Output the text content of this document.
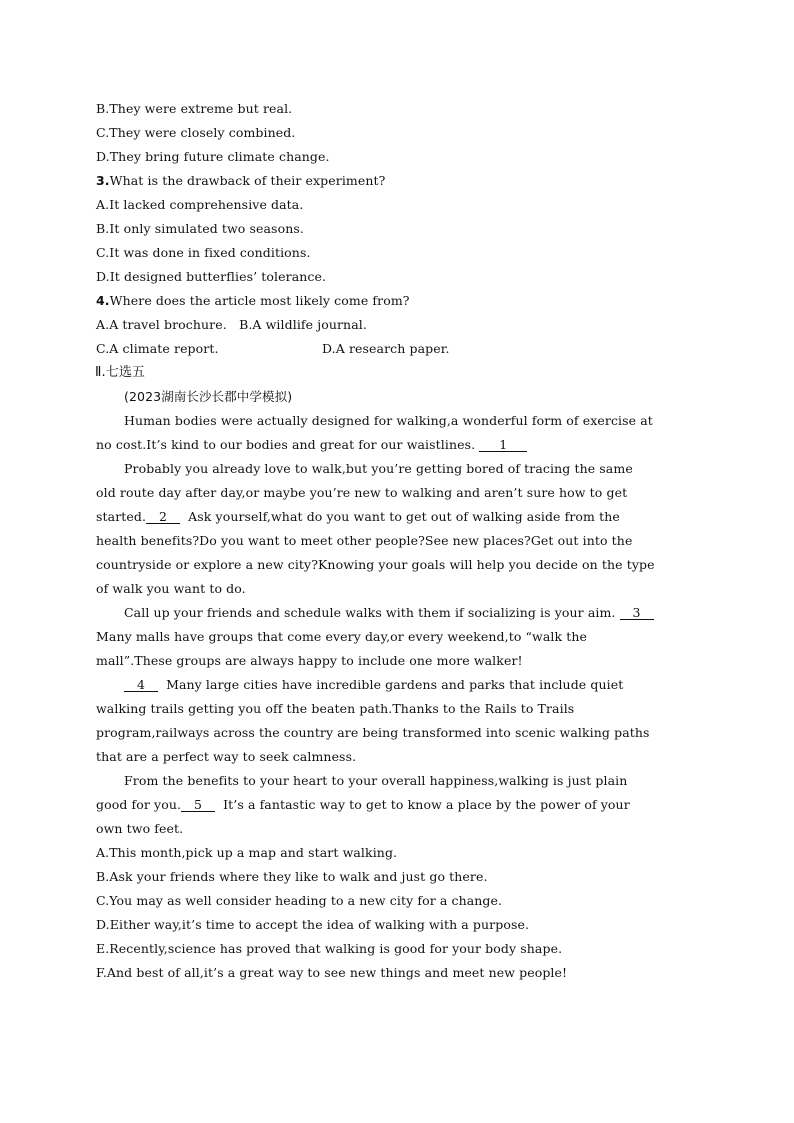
B.They were extreme but real.
C.They were closely combined.
D.They bring future climate change.
3.What is the drawback of their experiment?
A.It lacked comprehensive data.
B.It only simulated two seasons.
C.It was done in fixed conditions.
D.It designed butterflies’ tolerance.
4.Where does the article most likely come from?
A.A travel brochure. B.A wildlife journal.
C.A climate report.	D.A research paper.
Ⅱ.七选五
(2023湖南长沙长郡中学模拟)
Human bodies were actually designed for walking,a wonderful form of exercise at
no cost.It’s kind to our bodies and great for our waistlines. 1
Probably you already love to walk,but you’re getting bored of tracing the same
old route day after day,or maybe you’re new to walking and aren’t sure how to get
started. 2 Ask yourself,what do you want to get out of walking aside from the
health benefits?Do you want to meet other people?See new places?Get out into the
countryside or explore a new city?Knowing your goals will help you decide on the type
of walk you want to do.
Call up your friends and schedule walks with them if socializing is your aim. 3
Many malls have groups that come every day,or every weekend,to “walk the
mall”.These groups are always happy to include one more walker!
4 Many large cities have incredible gardens and parks that include quiet
walking trails getting you off the beaten path.Thanks to the Rails to Trails
program,railways across the country are being transformed into scenic walking paths
that are a perfect way to seek calmness.
From the benefits to your heart to your overall happiness,walking is just plain
good for you. 5 It’s a fantastic way to get to know a place by the power of your
own two feet.
A.This month,pick up a map and start walking.
B.Ask your friends where they like to walk and just go there.
C.You may as well consider heading to a new city for a change.
D.Either way,it’s time to accept the idea of walking with a purpose.
E.Recently,science has proved that walking is good for your body shape.
F.And best of all,it’s a great way to see new things and meet new people!
